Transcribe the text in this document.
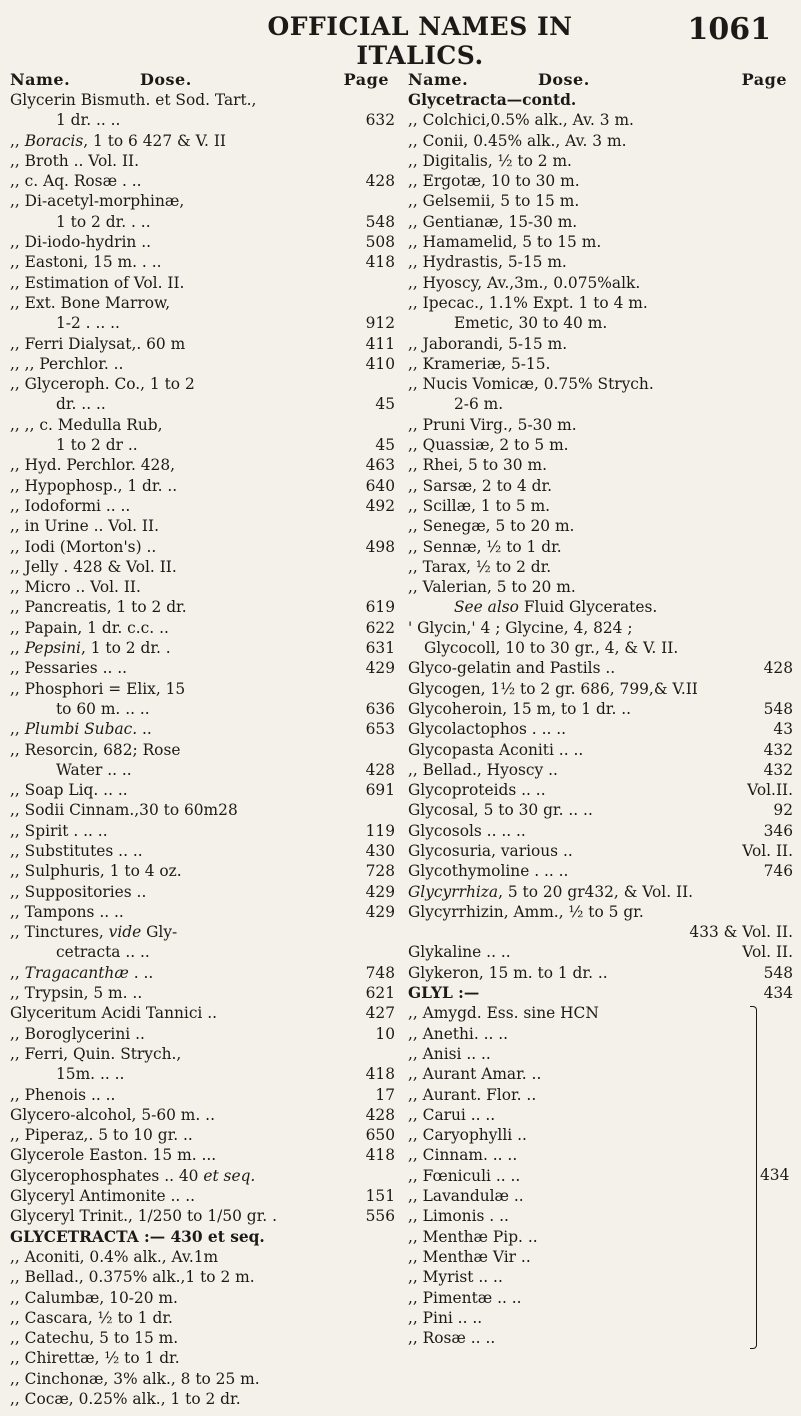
OFFICIAL NAMES IN ITALICS.
1061
Name.	Dose.	Page
Glycerin Bismuth. et Sod. Tart.,
1 dr. .. ..	632
,, Boracis, 1 to 6 427 & V. II
,, Broth .. Vol. II.
,, c. Aq. Rosæ . ..	428
,, Di-acetyl-morphinæ,
1 to 2 dr. . ..	548
,, Di-iodo-hydrin ..	508
,, Eastoni, 15 m. . ..	418
,, Estimation of Vol. II.
,, Ext. Bone Marrow,
1-2 . .. ..	912
,, Ferri Dialysat,. 60 m	411
,, ,, Perchlor. ..	410
,, Glyceroph. Co., 1 to 2
dr. .. ..	45
,, ,, c. Medulla Rub,
1 to 2 dr ..	45
,, Hyd. Perchlor. 428,	463
,, Hypophosp., 1 dr. ..	640
,, Iodoformi .. ..	492
,, in Urine .. Vol. II.
,, Iodi (Morton's) ..	498
,, Jelly . 428 & Vol. II.
,, Micro .. Vol. II.
,, Pancreatis, 1 to 2 dr.	619
,, Papain, 1 dr. c.c. ..	622
,, Pepsini, 1 to 2 dr. .	631
,, Pessaries .. ..	429
,, Phosphori = Elix, 15
to 60 m. .. ..	636
,, Plumbi Subac. ..	653
,, Resorcin, 682; Rose
Water .. ..	428
,, Soap Liq. .. ..	691
,, Sodii Cinnam.,30 to 60m28
,, Spirit . .. ..	119
,, Substitutes .. ..	430
,, Sulphuris, 1 to 4 oz.	728
,, Suppositories ..	429
,, Tampons .. ..	429
,, Tinctures, vide Gly-
cetracta .. ..
,, Tragacanthæ . ..	748
,, Trypsin, 5 m. ..	621
Glyceritum Acidi Tannici ..	427
,, Boroglycerini ..	10
,, Ferri, Quin. Strych.,
15m. .. ..	418
,, Phenois .. ..	17
Glycero-alcohol, 5-60 m. ..	428
,, Piperaz,. 5 to 10 gr. ..	650
Glycerole Easton. 15 m. ...	418
Glycerophosphates .. 40 et seq.
Glyceryl Antimonite .. ..	151
Glyceryl Trinit., 1/250 to 1/50 gr. .	556
GLYCETRACTA :— 430 et seq.
,, Aconiti, 0.4% alk., Av.1m
,, Bellad., 0.375% alk.,1 to 2 m.
,, Calumbæ, 10-20 m.
,, Cascara, ½ to 1 dr.
,, Catechu, 5 to 15 m.
,, Chirettæ, ½ to 1 dr.
,, Cinchonæ, 3% alk., 8 to 25 m.
,, Cocæ, 0.25% alk., 1 to 2 dr.
Name.	Dose.	Page
Glycetracta—contd.
,, Colchici,0.5% alk., Av. 3 m.
,, Conii, 0.45% alk., Av. 3 m.
,, Digitalis, ½ to 2 m.
,, Ergotæ, 10 to 30 m.
,, Gelsemii, 5 to 15 m.
,, Gentianæ, 15-30 m.
,, Hamamelid, 5 to 15 m.
,, Hydrastis, 5-15 m.
,, Hyoscy, Av.,3m., 0.075%alk.
,, Ipecac., 1.1% Expt. 1 to 4 m.
Emetic, 30 to 40 m.
,, Jaborandi, 5-15 m.
,, Krameriæ, 5-15.
,, Nucis Vomicæ, 0.75% Strych.
2-6 m.
,, Pruni Virg., 5-30 m.
,, Quassiæ, 2 to 5 m.
,, Rhei, 5 to 30 m.
,, Sarsæ, 2 to 4 dr.
,, Scillæ, 1 to 5 m.
,, Senegæ, 5 to 20 m.
,, Sennæ, ½ to 1 dr.
,, Tarax, ½ to 2 dr.
,, Valerian, 5 to 20 m.
See also Fluid Glycerates.
' Glycin,' 4 ; Glycine, 4, 824 ;
Glycocoll, 10 to 30 gr., 4, & V. II.
Glyco-gelatin and Pastils ..	428
Glycogen, 1½ to 2 gr. 686, 799,& V.II
Glycoheroin, 15 m, to 1 dr. ..	548
Glycolactophos . .. ..	43
Glycopasta Aconiti .. ..	432
,, Bellad., Hyoscy ..	432
Glycoproteids .. ..	Vol.II.
Glycosal, 5 to 30 gr. .. ..	92
Glycosols .. .. ..	346
Glycosuria, various ..	Vol. II.
Glycothymoline . .. ..	746
Glycyrrhiza, 5 to 20 gr432, & Vol. II.
Glycyrrhizin, Amm., ½ to 5 gr.
433 & Vol. II.
Glykaline .. ..	Vol. II.
Glykeron, 15 m. to 1 dr. ..	548
GLYL :—	434
,, Amygd. Ess. sine HCN
,, Anethi. .. ..
,, Anisi .. ..
,, Aurant Amar. ..
,, Aurant. Flor. ..
,, Carui .. ..
,, Caryophylli ..
,, Cinnam. .. ..
,, Fœniculi .. ..
,, Lavandulæ ..
,, Limonis . ..
,, Menthæ Pip. ..
,, Menthæ Vir ..
,, Myrist .. ..
,, Pimentæ .. ..
,, Pini .. ..
,, Rosæ .. ..
434
